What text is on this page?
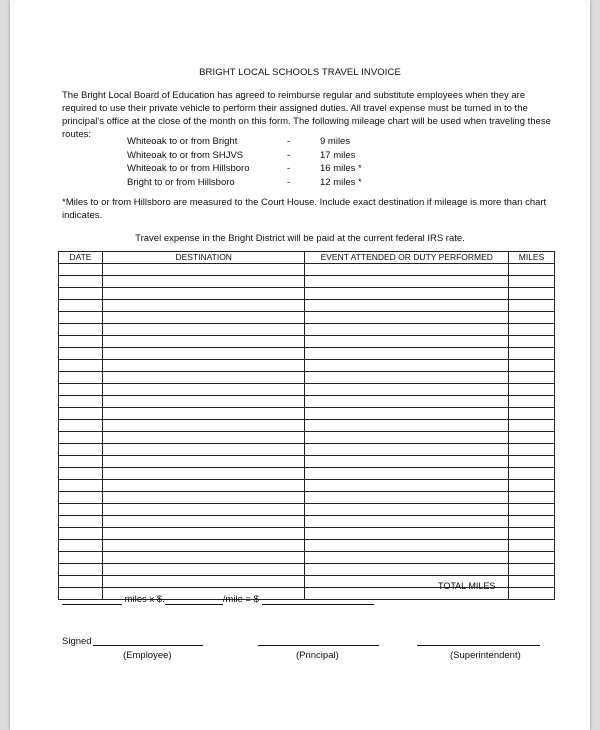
BRIGHT LOCAL SCHOOLS TRAVEL INVOICE

The Bright Local Board of Education has agreed to reimburse regular and substitute employees when they are required to use their private vehicle to perform their assigned duties. All travel expense must be turned in to the principal's office at the close of the month on this form. The following mileage chart will be used when traveling these routes:

Whiteoak to or from Bright	-	9 miles
Whiteoak to or from SHJVS	-	17 miles
Whiteoak to or from Hillsboro	-	16 miles *
Bright to or from Hillsboro	-	12 miles *

*Miles to or from Hillsboro are measured to the Court House. Include exact destination if mileage is more than chart indicates.

Travel expense in the Bright District will be paid at the current federal IRS rate.
DATE	DESTINATION	EVENT ATTENDED OR DUTY PERFORMED	MILES

TOTAL MILES
miles x $.	/mile = $
Signed
(Employee)	(Principal)	(Superintendent)
